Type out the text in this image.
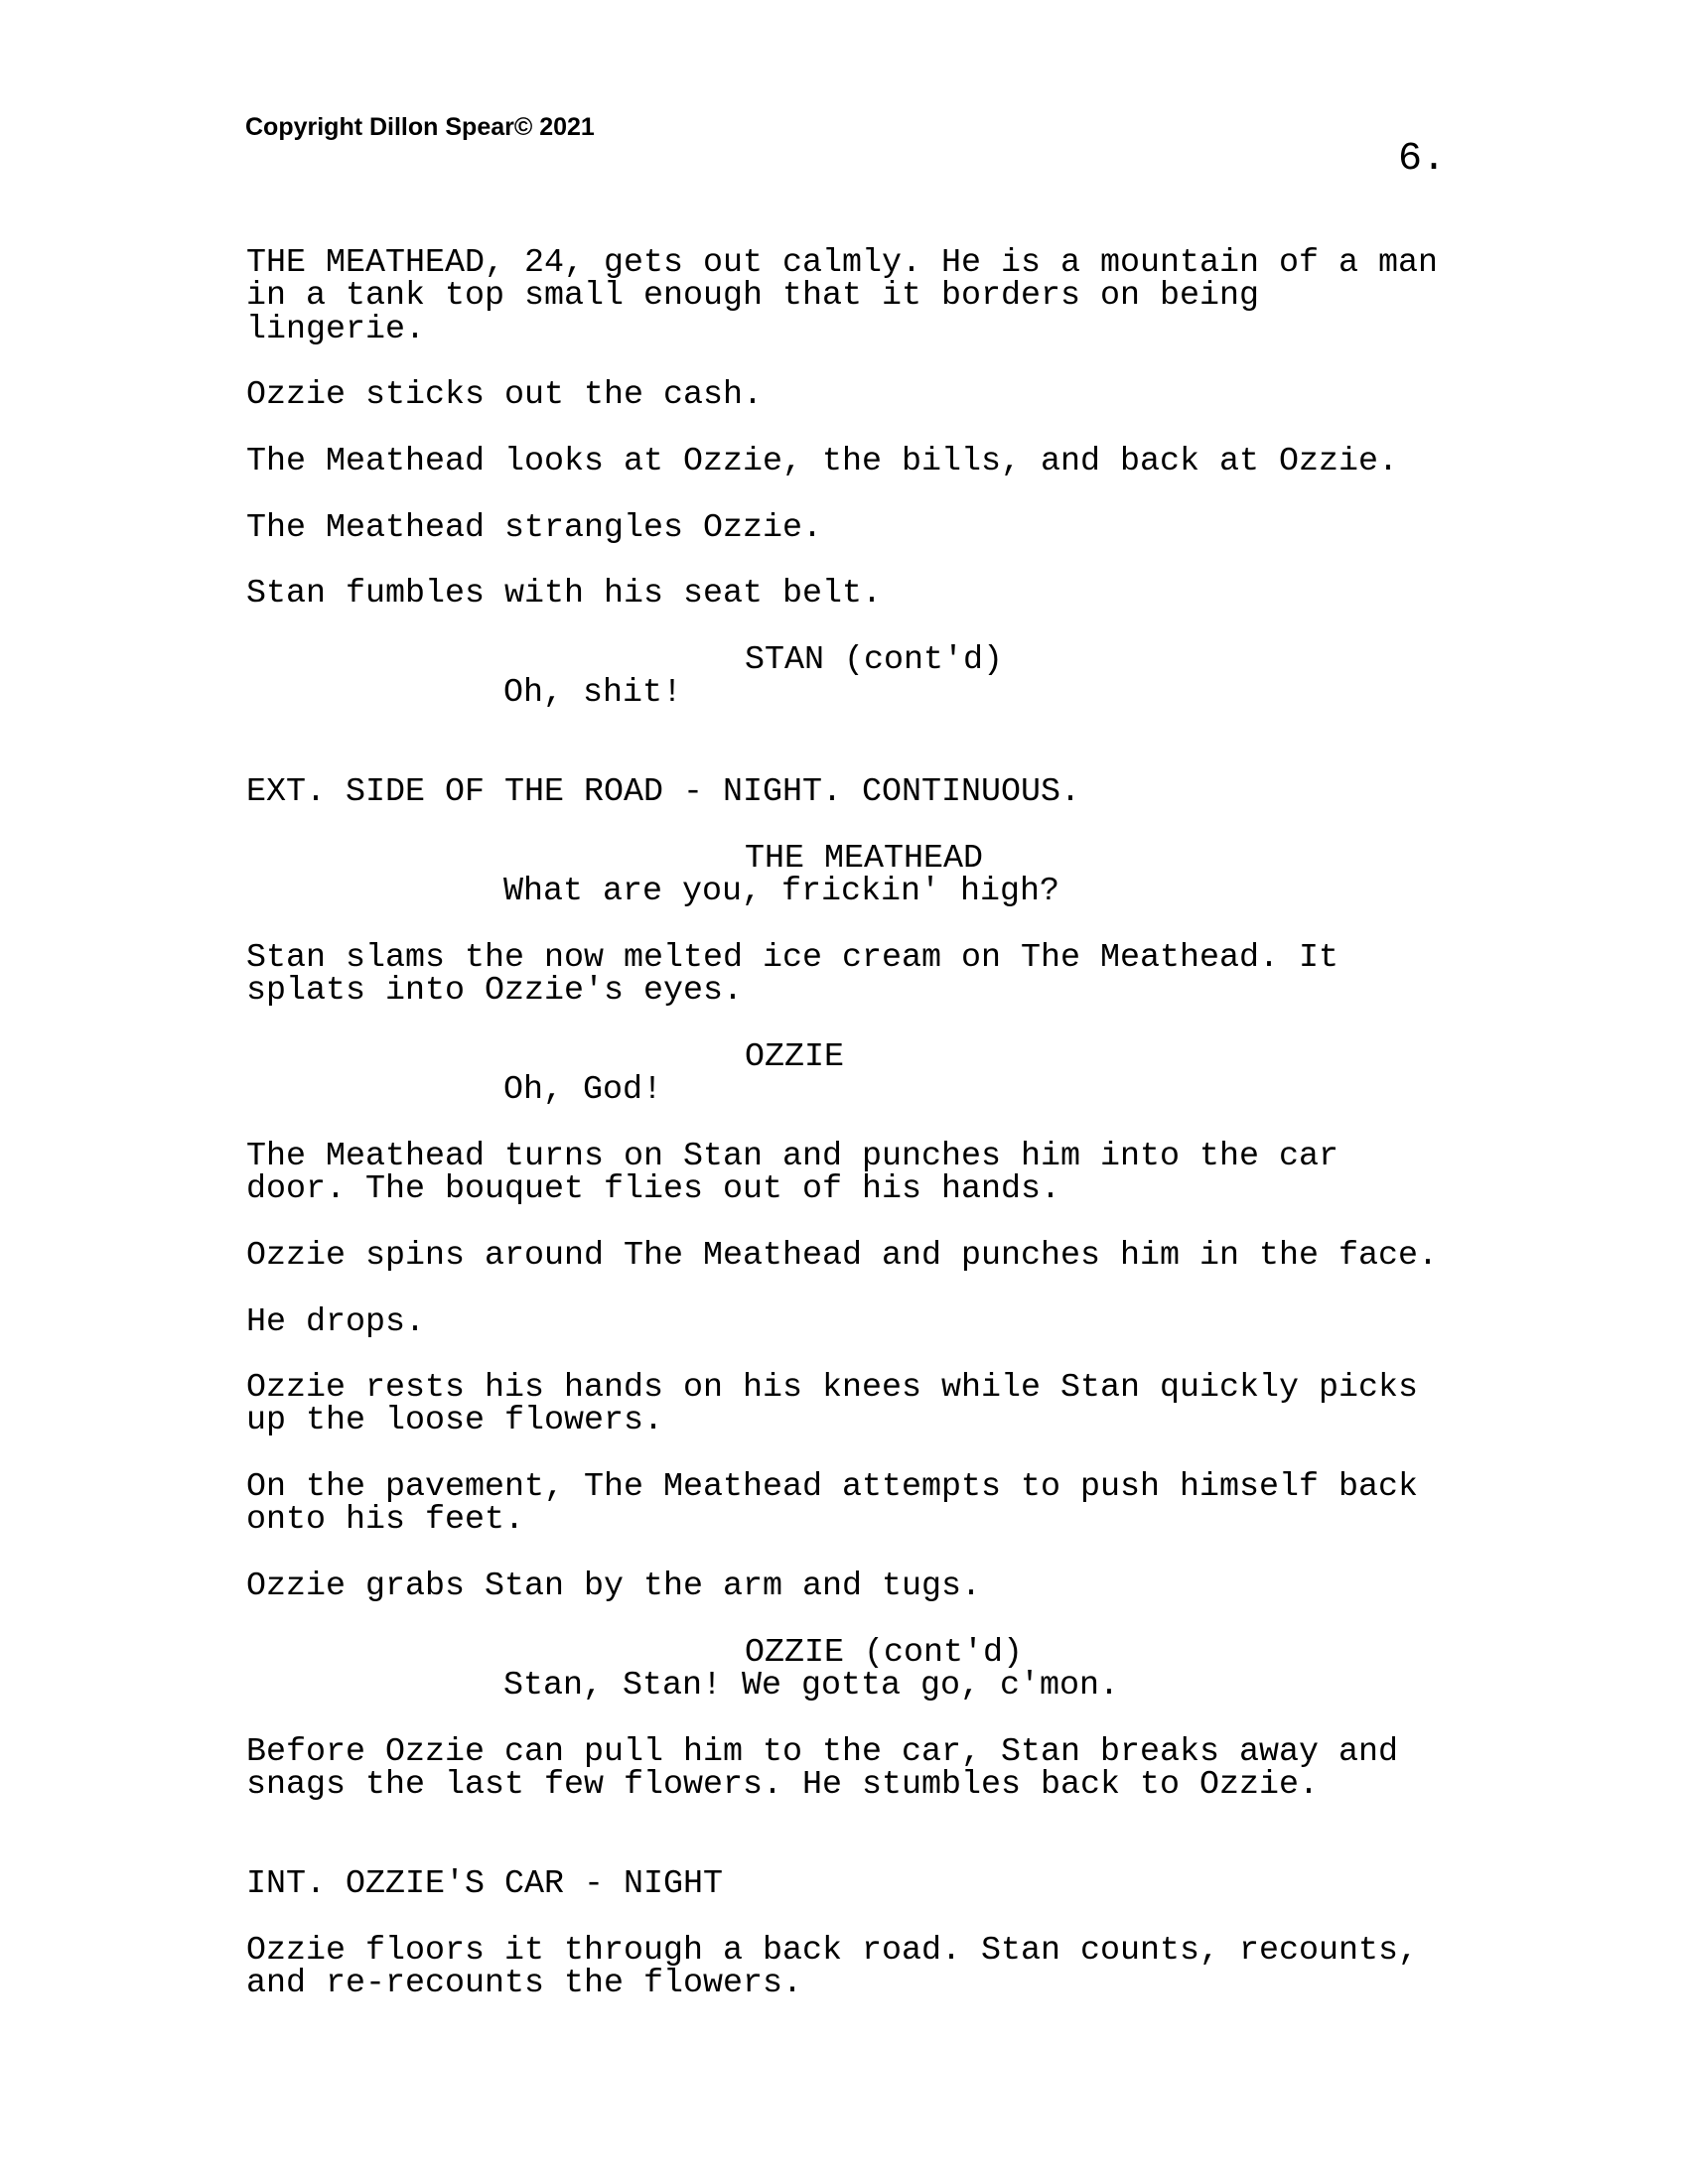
Copyright Dillon Spear© 2021
6.
THE MEATHEAD, 24, gets out calmly. He is a mountain of a man
in a tank top small enough that it borders on being
lingerie.

Ozzie sticks out the cash.

The Meathead looks at Ozzie, the bills, and back at Ozzie.

The Meathead strangles Ozzie.

Stan fumbles with his seat belt.

STAN (cont'd)
Oh, shit!

EXT. SIDE OF THE ROAD - NIGHT. CONTINUOUS.

THE MEATHEAD
What are you, frickin' high?

Stan slams the now melted ice cream on The Meathead. It
splats into Ozzie's eyes.

OZZIE
Oh, God!

The Meathead turns on Stan and punches him into the car
door. The bouquet flies out of his hands.

Ozzie spins around The Meathead and punches him in the face.

He drops.

Ozzie rests his hands on his knees while Stan quickly picks
up the loose flowers.

On the pavement, The Meathead attempts to push himself back
onto his feet.

Ozzie grabs Stan by the arm and tugs.

OZZIE (cont'd)
Stan, Stan! We gotta go, c'mon.

Before Ozzie can pull him to the car, Stan breaks away and
snags the last few flowers. He stumbles back to Ozzie.

INT. OZZIE'S CAR - NIGHT

Ozzie floors it through a back road. Stan counts, recounts,
and re-recounts the flowers.
